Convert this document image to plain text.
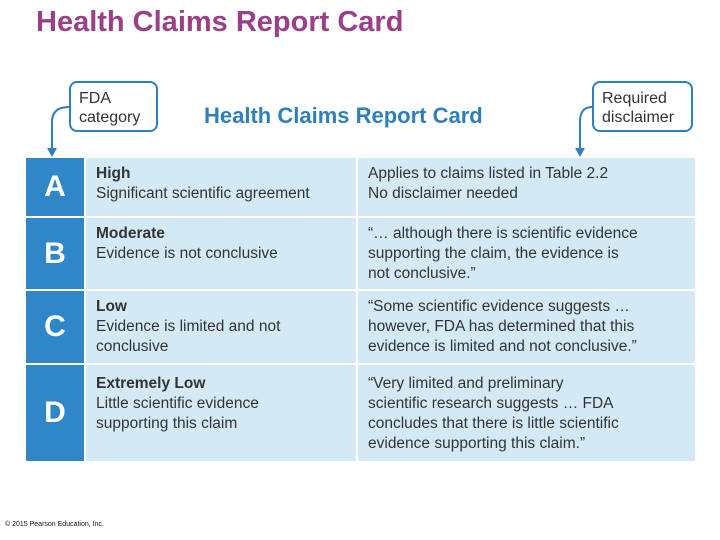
Health Claims Report Card
FDA
category	Health Claims Report Card
Required
disclaimer
A	High
Significant scientific agreement
Applies to claims listed in Table 2.2
No disclaimer needed
B
Moderate
Evidence is not conclusive
“… although there is scientific evidence
supporting the claim, the evidence is
not conclusive.”
C
Low
Evidence is limited and not
conclusive
“Some scientific evidence suggests …
however, FDA has determined that this
evidence is limited and not conclusive.”
D
Extremely Low
Little scientific evidence
supporting this claim
“Very limited and preliminary
scientific research suggests … FDA
concludes that there is little scientific
evidence supporting this claim.”
© 2015 Pearson Education, Inc.
